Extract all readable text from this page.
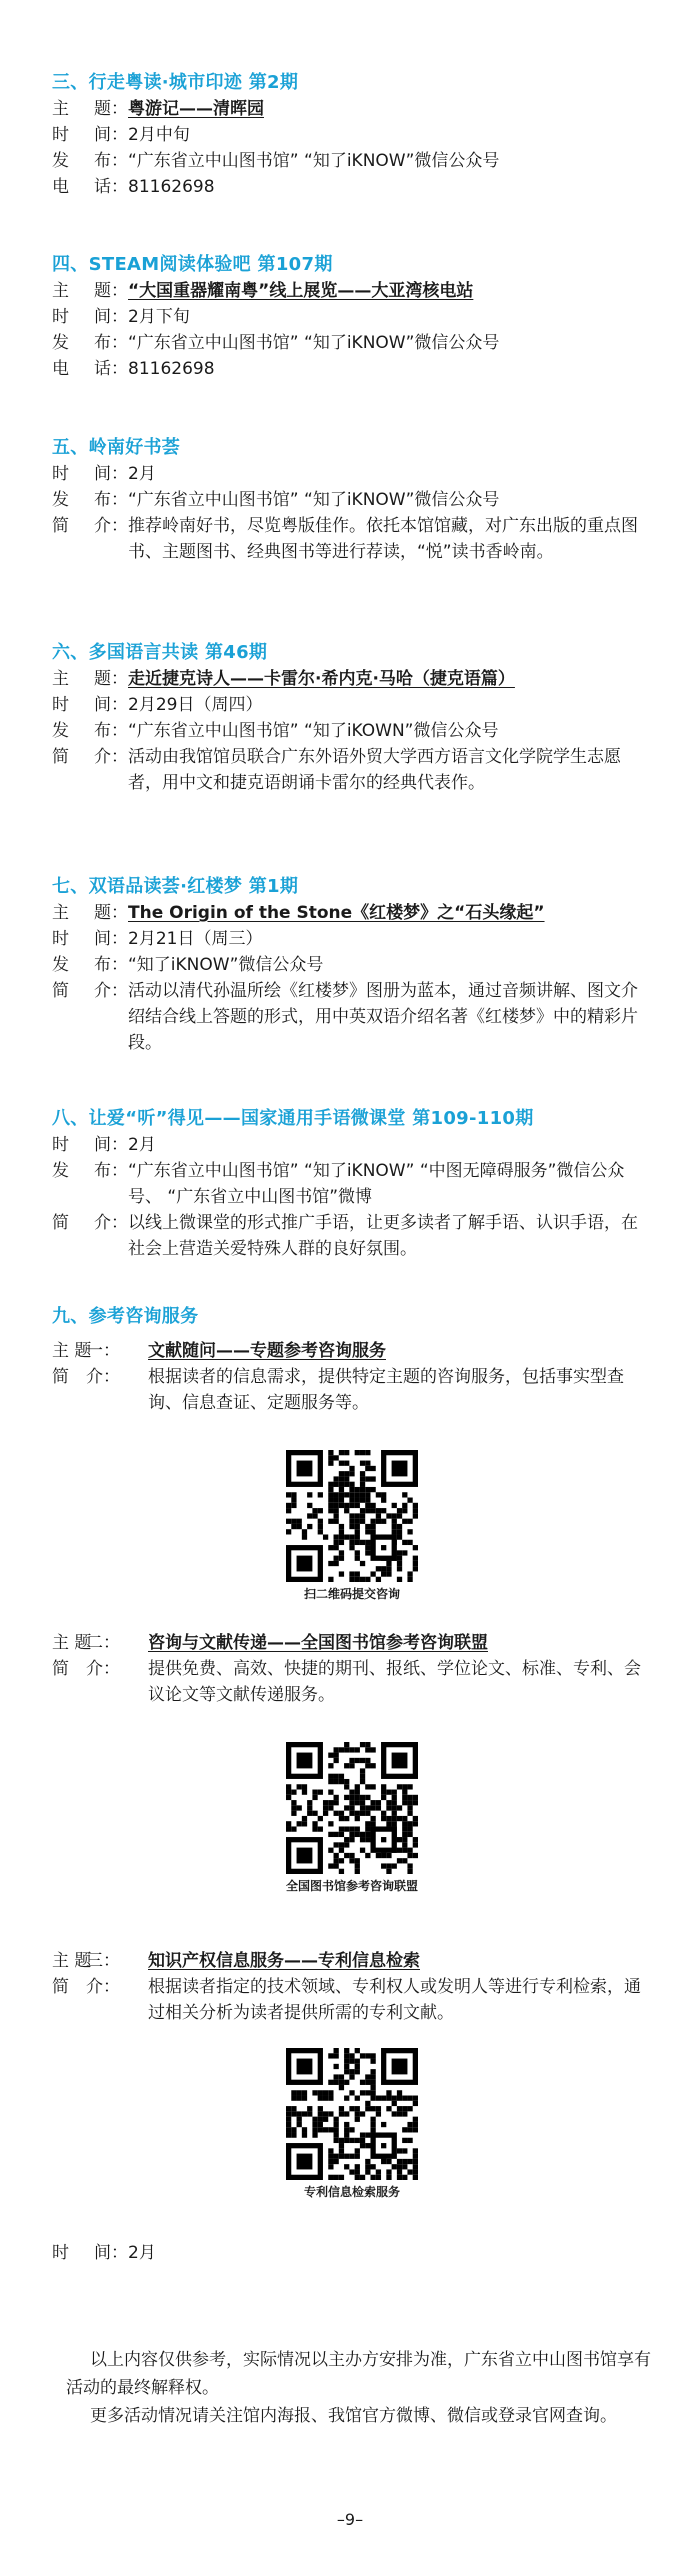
三、行走粤读·城市印迹 第2期
主 题： 粤游记——清晖园
时 间： 2月中旬
发 布： “广东省立中山图书馆” “知了iKNOW”微信公众号
电 话： 81162698
四、STEAM阅读体验吧 第107期
主 题： “大国重器耀南粤”线上展览——大亚湾核电站
时 间： 2月下旬
发 布： “广东省立中山图书馆” “知了iKNOW”微信公众号
电 话： 81162698
五、岭南好书荟
时 间： 2月
发 布： “广东省立中山图书馆” “知了iKNOW”微信公众号
简 介： 推荐岭南好书，尽览粤版佳作。依托本馆馆藏，对广东出版的重点图书、主题图书、经典图书等进行荐读，“悦”读书香岭南。
六、多国语言共读 第46期
主 题： 走近捷克诗人——卡雷尔·希内克·马哈（捷克语篇）
时 间： 2月29日（周四）
发 布： “广东省立中山图书馆” “知了iKOWN”微信公众号
简 介： 活动由我馆馆员联合广东外语外贸大学西方语言文化学院学生志愿者，用中文和捷克语朗诵卡雷尔的经典代表作。
七、双语品读荟·红楼梦 第1期
主 题： The Origin of the Stone《红楼梦》之“石头缘起”
时 间： 2月21日（周三）
发 布： “知了iKNOW”微信公众号
简 介： 活动以清代孙温所绘《红楼梦》图册为蓝本，通过音频讲解、图文介绍结合线上答题的形式，用中英双语介绍名著《红楼梦》中的精彩片段。
八、让爱“听”得见——国家通用手语微课堂 第109-110期
时 间： 2月
发 布： “广东省立中山图书馆” “知了iKNOW” “中图无障碍服务”微信公众号、 “广东省立中山图书馆”微博
简 介： 以线上微课堂的形式推广手语，让更多读者了解手语、认识手语，在社会上营造关爱特殊人群的良好氛围。
九、参考咨询服务
主 题一：	文献随问——专题参考咨询服务
简 介：	根据读者的信息需求，提供特定主题的咨询服务，包括事实型查询、信息查证、定题服务等。
扫二维码提交咨询
主 题二：	咨询与文献传递——全国图书馆参考咨询联盟
简 介：	提供免费、高效、快捷的期刊、报纸、学位论文、标准、专利、会议论文等文献传递服务。
全国图书馆参考咨询联盟
主 题三：	知识产权信息服务——专利信息检索
简 介：	根据读者指定的技术领域、专利权人或发明人等进行专利检索，通过相关分析为读者提供所需的专利文献。
专利信息检索服务
时 间： 2月

以上内容仅供参考，实际情况以主办方安排为准，广东省立中山图书馆享有活动的最终解释权。

更多活动情况请关注馆内海报、我馆官方微博、微信或登录官网查询。

–9–
